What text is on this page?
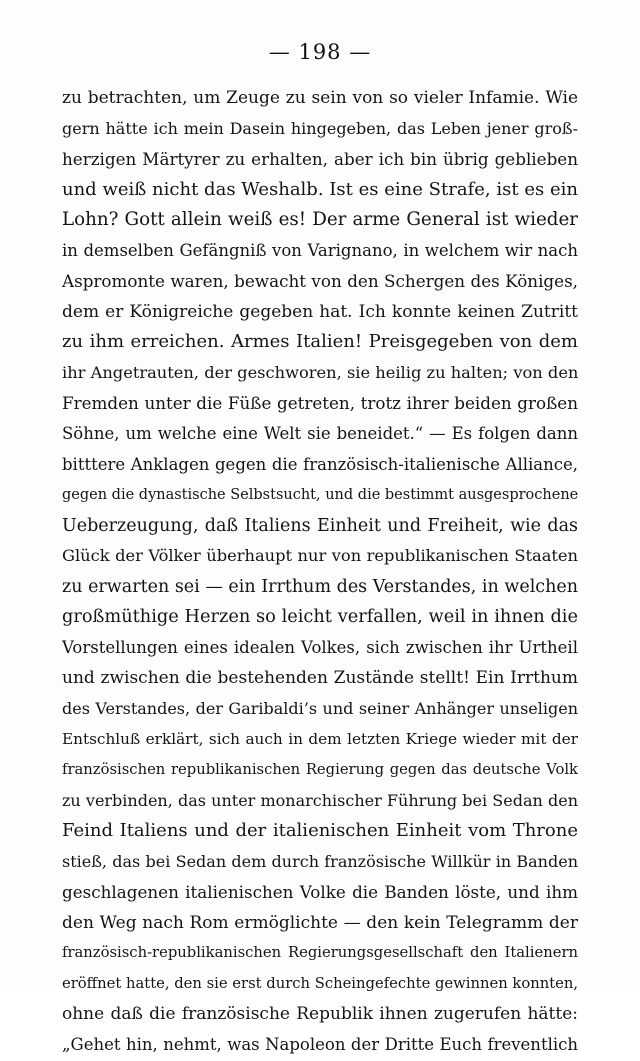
— 198 —
zu betrachten, um Zeuge zu sein von so vieler Infamie. Wie
gern hätte ich mein Dasein hingegeben, das Leben jener groß-
herzigen Märtyrer zu erhalten, aber ich bin übrig geblieben
und weiß nicht das Weshalb. Ist es eine Strafe, ist es ein
Lohn? Gott allein weiß es! Der arme General ist wieder
in demselben Gefängniß von Varignano, in welchem wir nach
Aspromonte waren, bewacht von den Schergen des Königes,
dem er Königreiche gegeben hat. Ich konnte keinen Zutritt
zu ihm erreichen. Armes Italien! Preisgegeben von dem
ihr Angetrauten, der geschworen, sie heilig zu halten; von den
Fremden unter die Füße getreten, trotz ihrer beiden großen
Söhne, um welche eine Welt sie beneidet.“ — Es folgen dann
bitttere Anklagen gegen die französisch-italienische Alliance,
gegen die dynastische Selbstsucht, und die bestimmt ausgesprochene
Ueberzeugung, daß Italiens Einheit und Freiheit, wie das
Glück der Völker überhaupt nur von republikanischen Staaten
zu erwarten sei — ein Irrthum des Verstandes, in welchen
großmüthige Herzen so leicht verfallen, weil in ihnen die
Vorstellungen eines idealen Volkes, sich zwischen ihr Urtheil
und zwischen die bestehenden Zustände stellt! Ein Irrthum
des Verstandes, der Garibaldi’s und seiner Anhänger unseligen
Entschluß erklärt, sich auch in dem letzten Kriege wieder mit der
französischen republikanischen Regierung gegen das deutsche Volk
zu verbinden, das unter monarchischer Führung bei Sedan den
Feind Italiens und der italienischen Einheit vom Throne
stieß, das bei Sedan dem durch französische Willkür in Banden
geschlagenen italienischen Volke die Banden löste, und ihm
den Weg nach Rom ermöglichte — den kein Telegramm der
französisch-republikanischen Regierungsgesellschaft den Italienern
eröffnet hatte, den sie erst durch Scheingefechte gewinnen konnten,
ohne daß die französische Republik ihnen zugerufen hätte:
„Gehet hin, nehmt, was Napoleon der Dritte Euch freventlich
